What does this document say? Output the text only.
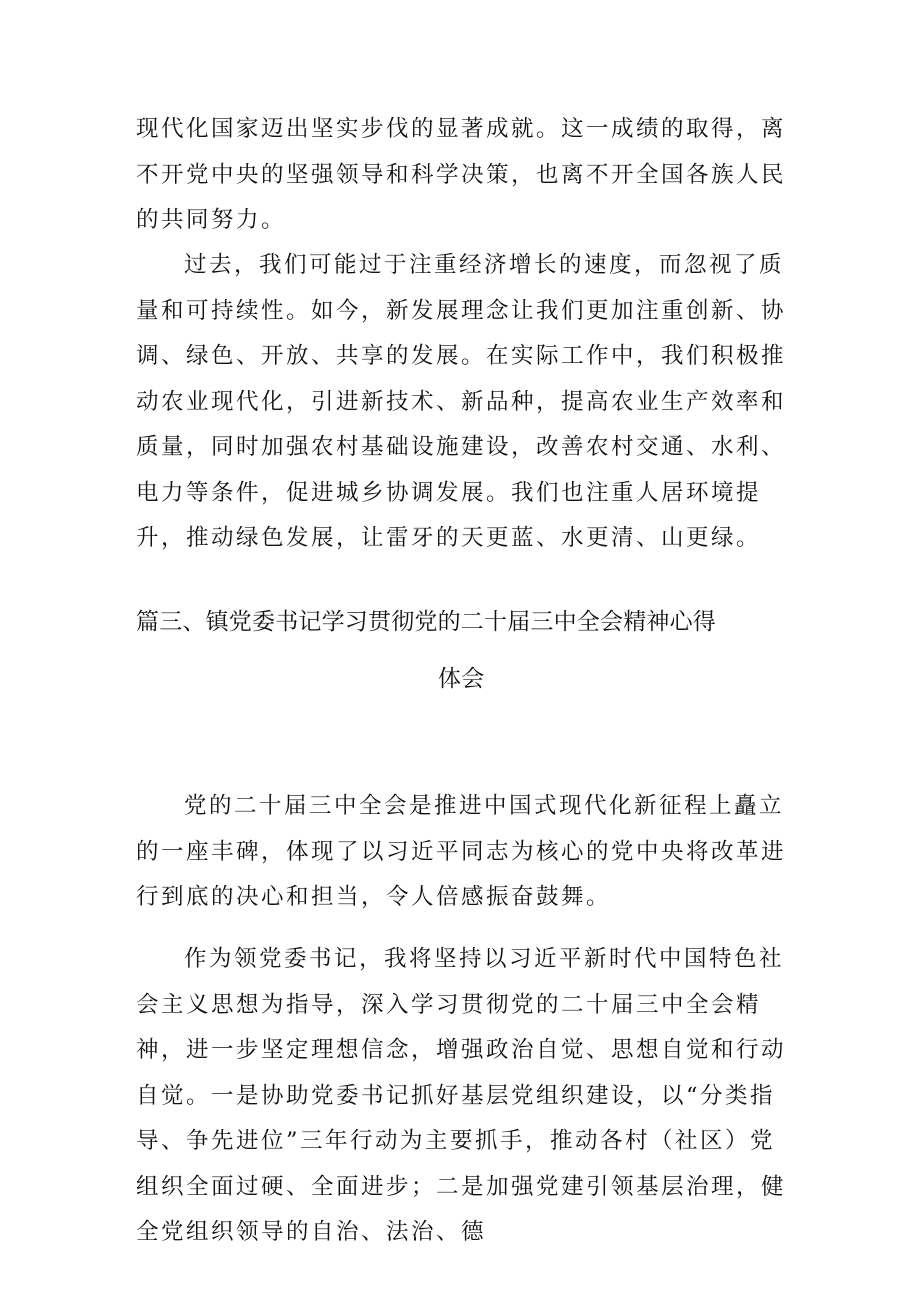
现代化国家迈出坚实步伐的显著成就。这一成绩的取得，离不开党中央的坚强领导和科学决策，也离不开全国各族人民的共同努力。

过去，我们可能过于注重经济增长的速度，而忽视了质量和可持续性。如今，新发展理念让我们更加注重创新、协调、绿色、开放、共享的发展。在实际工作中，我们积极推动农业现代化，引进新技术、新品种，提高农业生产效率和质量，同时加强农村基础设施建设，改善农村交通、水利、电力等条件，促进城乡协调发展。我们也注重人居环境提升，推动绿色发展，让雷牙的天更蓝、水更清、山更绿。

篇三、镇党委书记学习贯彻党的二十届三中全会精神心得
体会

党的二十届三中全会是推进中国式现代化新征程上矗立的一座丰碑，体现了以习近平同志为核心的党中央将改革进行到底的决心和担当，令人倍感振奋鼓舞。

作为领党委书记，我将坚持以习近平新时代中国特色社会主义思想为指导，深入学习贯彻党的二十届三中全会精神，进一步坚定理想信念，增强政治自觉、思想自觉和行动自觉。一是协助党委书记抓好基层党组织建设，以“分类指导、争先进位”三年行动为主要抓手，推动各村（社区）党组织全面过硬、全面进步；二是加强党建引领基层治理，健全党组织领导的自治、法治、德
